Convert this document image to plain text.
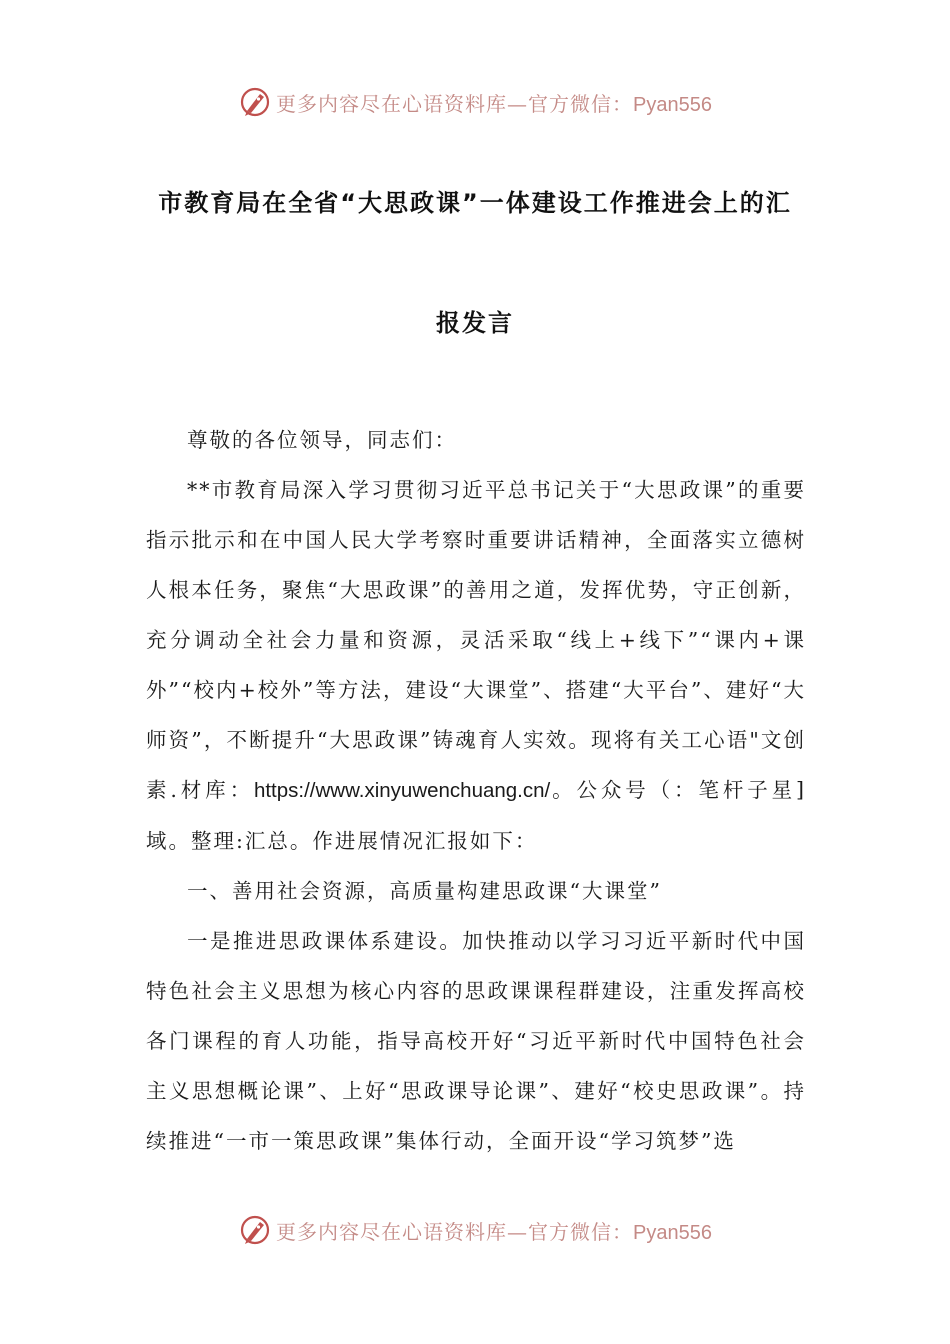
更多内容尽在心语资料库—官方微信：Pyan556
市教育局在全省“大思政课”一体建设工作推进会上的汇
报发言

尊敬的各位领导，同志们：

**市教育局深入学习贯彻习近平总书记关于“大思政课”的重要指示批示和在中国人民大学考察时重要讲话精神，全面落实立德树人根本任务，聚焦“大思政课”的善用之道，发挥优势，守正创新，充分调动全社会力量和资源，灵活采取“线上+线下”“课内+课外”“校内+校外”等方法，建设“大课堂”、搭建“大平台”、建好“大师资”，不断提升“大思政课”铸魂育人实效。现将有关工心语"文创素.材库：https://www.xinyuwenchuang.cn/。公众号（：笔杆子星]域。整理:汇总。作进展情况汇报如下：

一、善用社会资源，高质量构建思政课“大课堂”

一是推进思政课体系建设。加快推动以学习习近平新时代中国特色社会主义思想为核心内容的思政课课程群建设，注重发挥高校各门课程的育人功能，指导高校开好“习近平新时代中国特色社会主义思想概论课”、上好“思政课导论课”、建好“校史思政课”。持续推进“一市一策思政课”集体行动，全面开设“学习筑梦”选

更多内容尽在心语资料库—官方微信：Pyan556
